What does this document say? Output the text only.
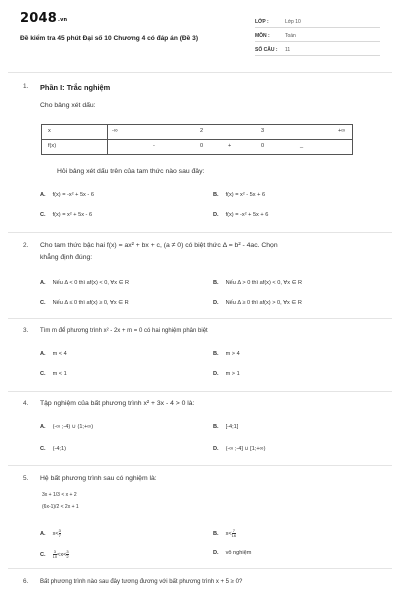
$2048_{.vn}$
Đề kiểm tra 45 phút Đại số 10 Chương 4 có đáp án (Đề 3)
LỚP :	Lớp 10
MÔN :	Toán
SỐ CÂU : 11
1. Phần I: Trắc nghiệm
Cho bảng xét dấu:
x	-∞ 2 3 +∞

f(x)	- 0 + 0 _
Hỏi bảng xét dấu trên của tam thức nào sau đây:
A. f(x) = -x² + 5x - 6	B. f(x) = x² - 5x + 6
C. f(x) = x² + 5x - 6	D. f(x) = -x² + 5x + 6
2. Cho tam thức bậc hai f(x) = ax² + bx + c, (a ≠ 0) có biệt thức Δ = b² - 4ac. Chọn
khẳng định đúng:
A. Nếu Δ < 0 thì af(x) < 0, ∀x ∈ R	B. Nếu Δ > 0 thì af(x) < 0, ∀x ∈ R
C. Nếu Δ ≤ 0 thì af(x) ≥ 0, ∀x ∈ R	D. Nếu Δ ≥ 0 thì af(x) > 0, ∀x ∈ R
3. Tìm m để phương trình x² - 2x + m = 0 có hai nghiệm phân biệt
A. m < 4	B. m > 4
C. m < 1	D. m > 1
4. Tập nghiệm của bất phương trình x² + 3x - 4 > 0 là:
A. (-∞ ;-4) ∪ (1;+∞)	B. [-4;1]
C. (-4;1)	D. (-∞ ;-4] ∪ [1;+∞)
5. Hệ bất phương trình sau có nghiệm là:
3x + 1/3 < x + 2
(6x-1)/2 < 2x + 1
A. $x< \frac{3}{7}$	B. $x< \frac{7}{16}$
C. $\frac{3}{10} <x< \frac{3}{2}$	D. vô nghiệm
6. Bất phương trình nào sau đây tương đương với bất phương trình x + 5 ≥ 0?
